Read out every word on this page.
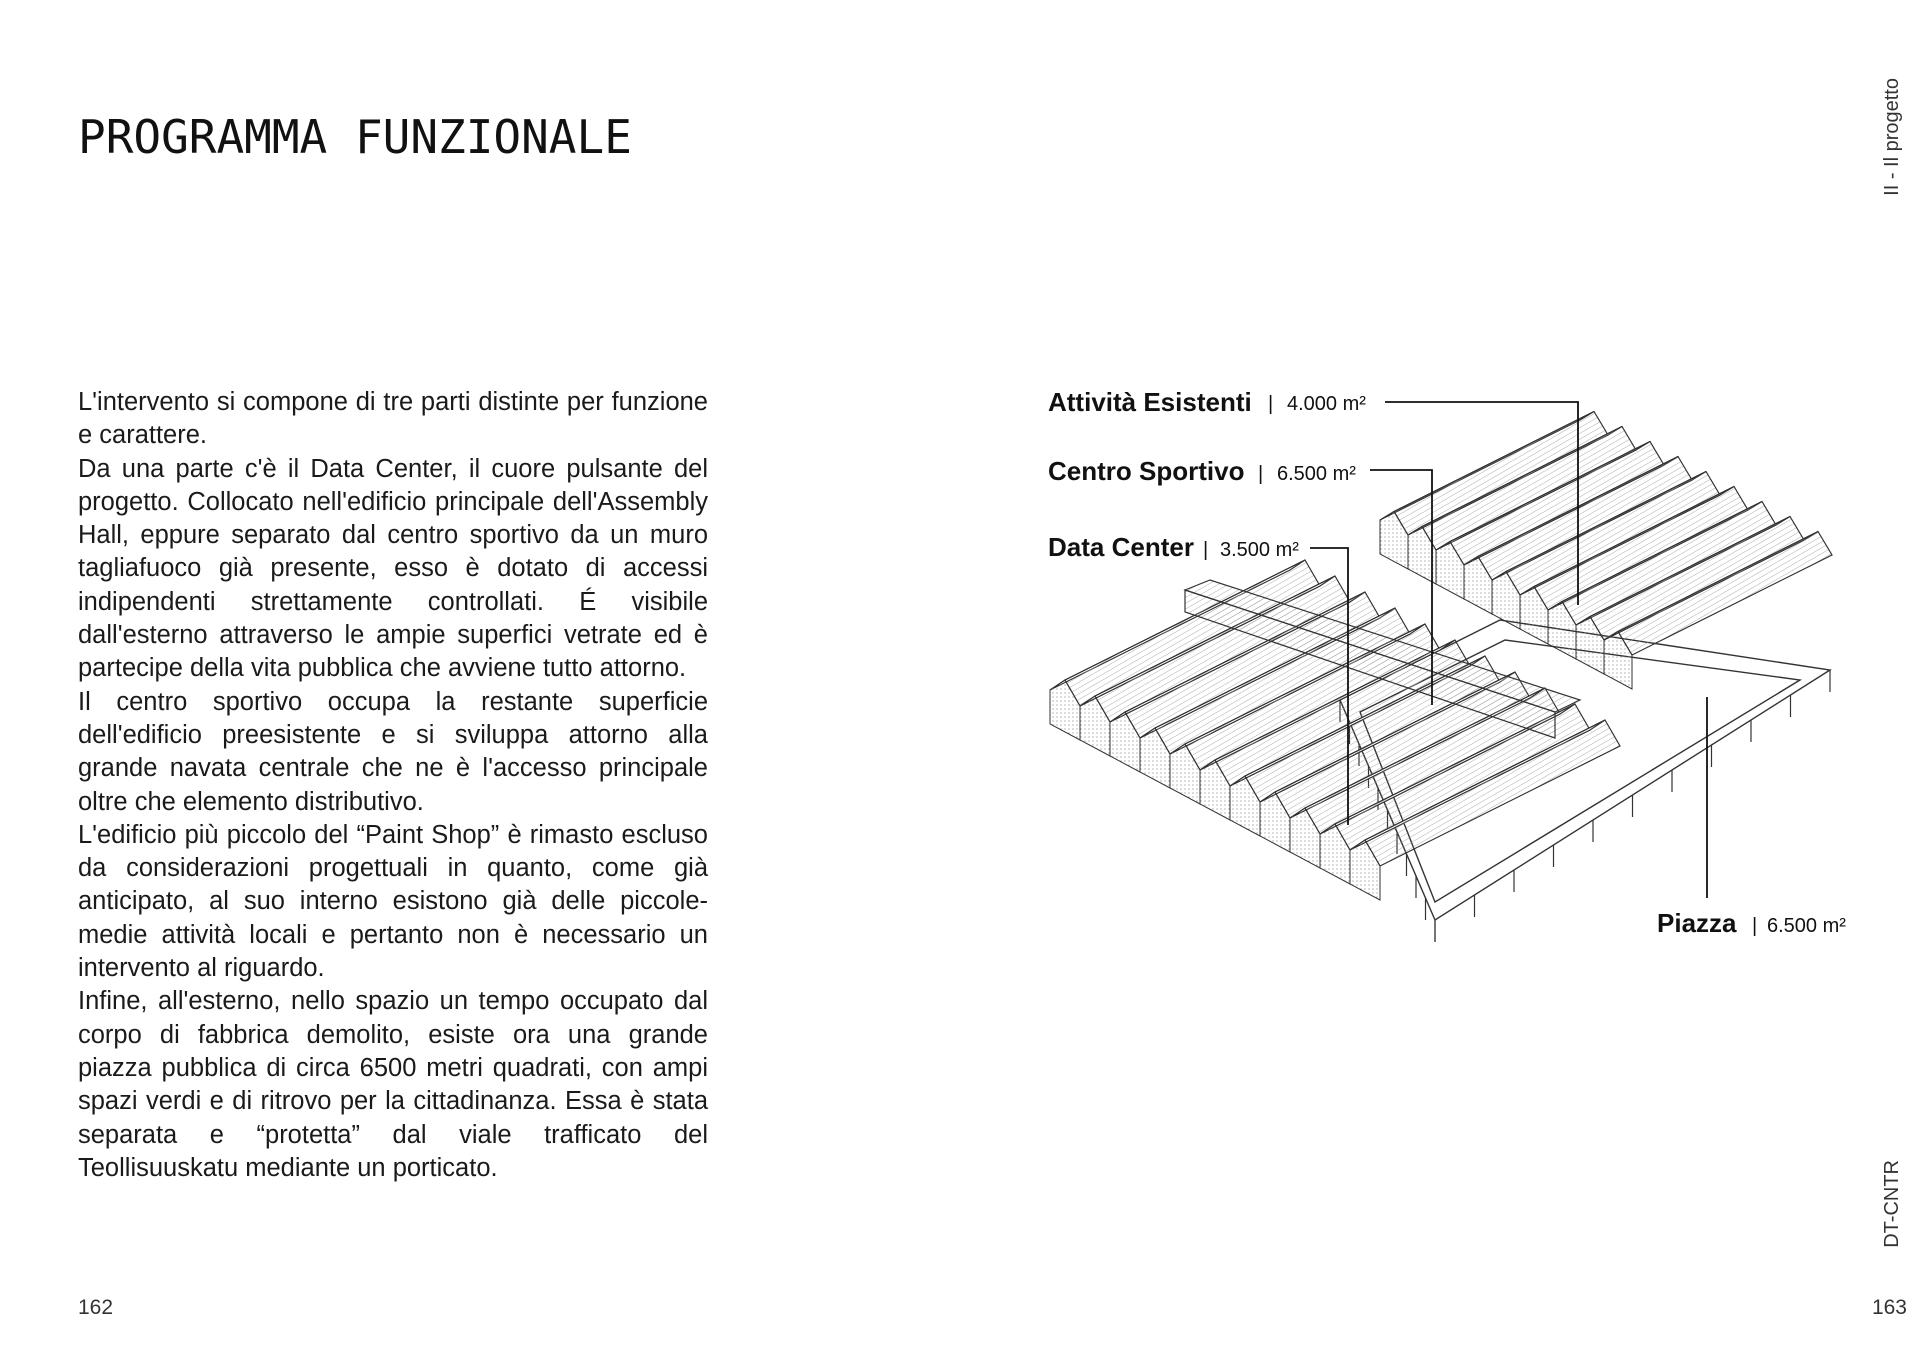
PROGRAMMA FUNZIONALE

L'intervento si compone di tre parti distinte per funzione e carattere.

Da una parte c'è il Data Center, il cuore pulsante del progetto. Collocato nell'edificio principale dell'Assembly Hall, eppure separato dal centro sportivo da un muro tagliafuoco già presente, esso è dotato di accessi indipendenti strettamente controllati. É visibile dall'esterno attraverso le ampie superfici vetrate ed è partecipe della vita pubblica che avviene tutto attorno.

Il centro sportivo occupa la restante superficie dell'edificio preesistente e si sviluppa attorno alla grande navata centrale che ne è l'accesso principale oltre che elemento distributivo.

L'edificio più piccolo del “Paint Shop” è rimasto escluso da considerazioni progettuali in quanto, come già anticipato, al suo interno esistono già delle piccole-medie attività locali e pertanto non è necessario un intervento al riguardo.

Infine, all'esterno, nello spazio un tempo occupato dal corpo di fabbrica demolito, esiste ora una grande piazza pubblica di circa 6500 metri quadrati, con ampi spazi verdi e di ritrovo per la cittadinanza. Essa è stata separata e “protetta” dal viale trafficato del Teollisuuskatu mediante un porticato.

162	163
II - Il progetto
DT-CNTR
Attività Esistenti | 4.000 m²
Centro Sportivo | 6.500 m²
Data Center | 3.500 m²
Piazza | 6.500 m²
